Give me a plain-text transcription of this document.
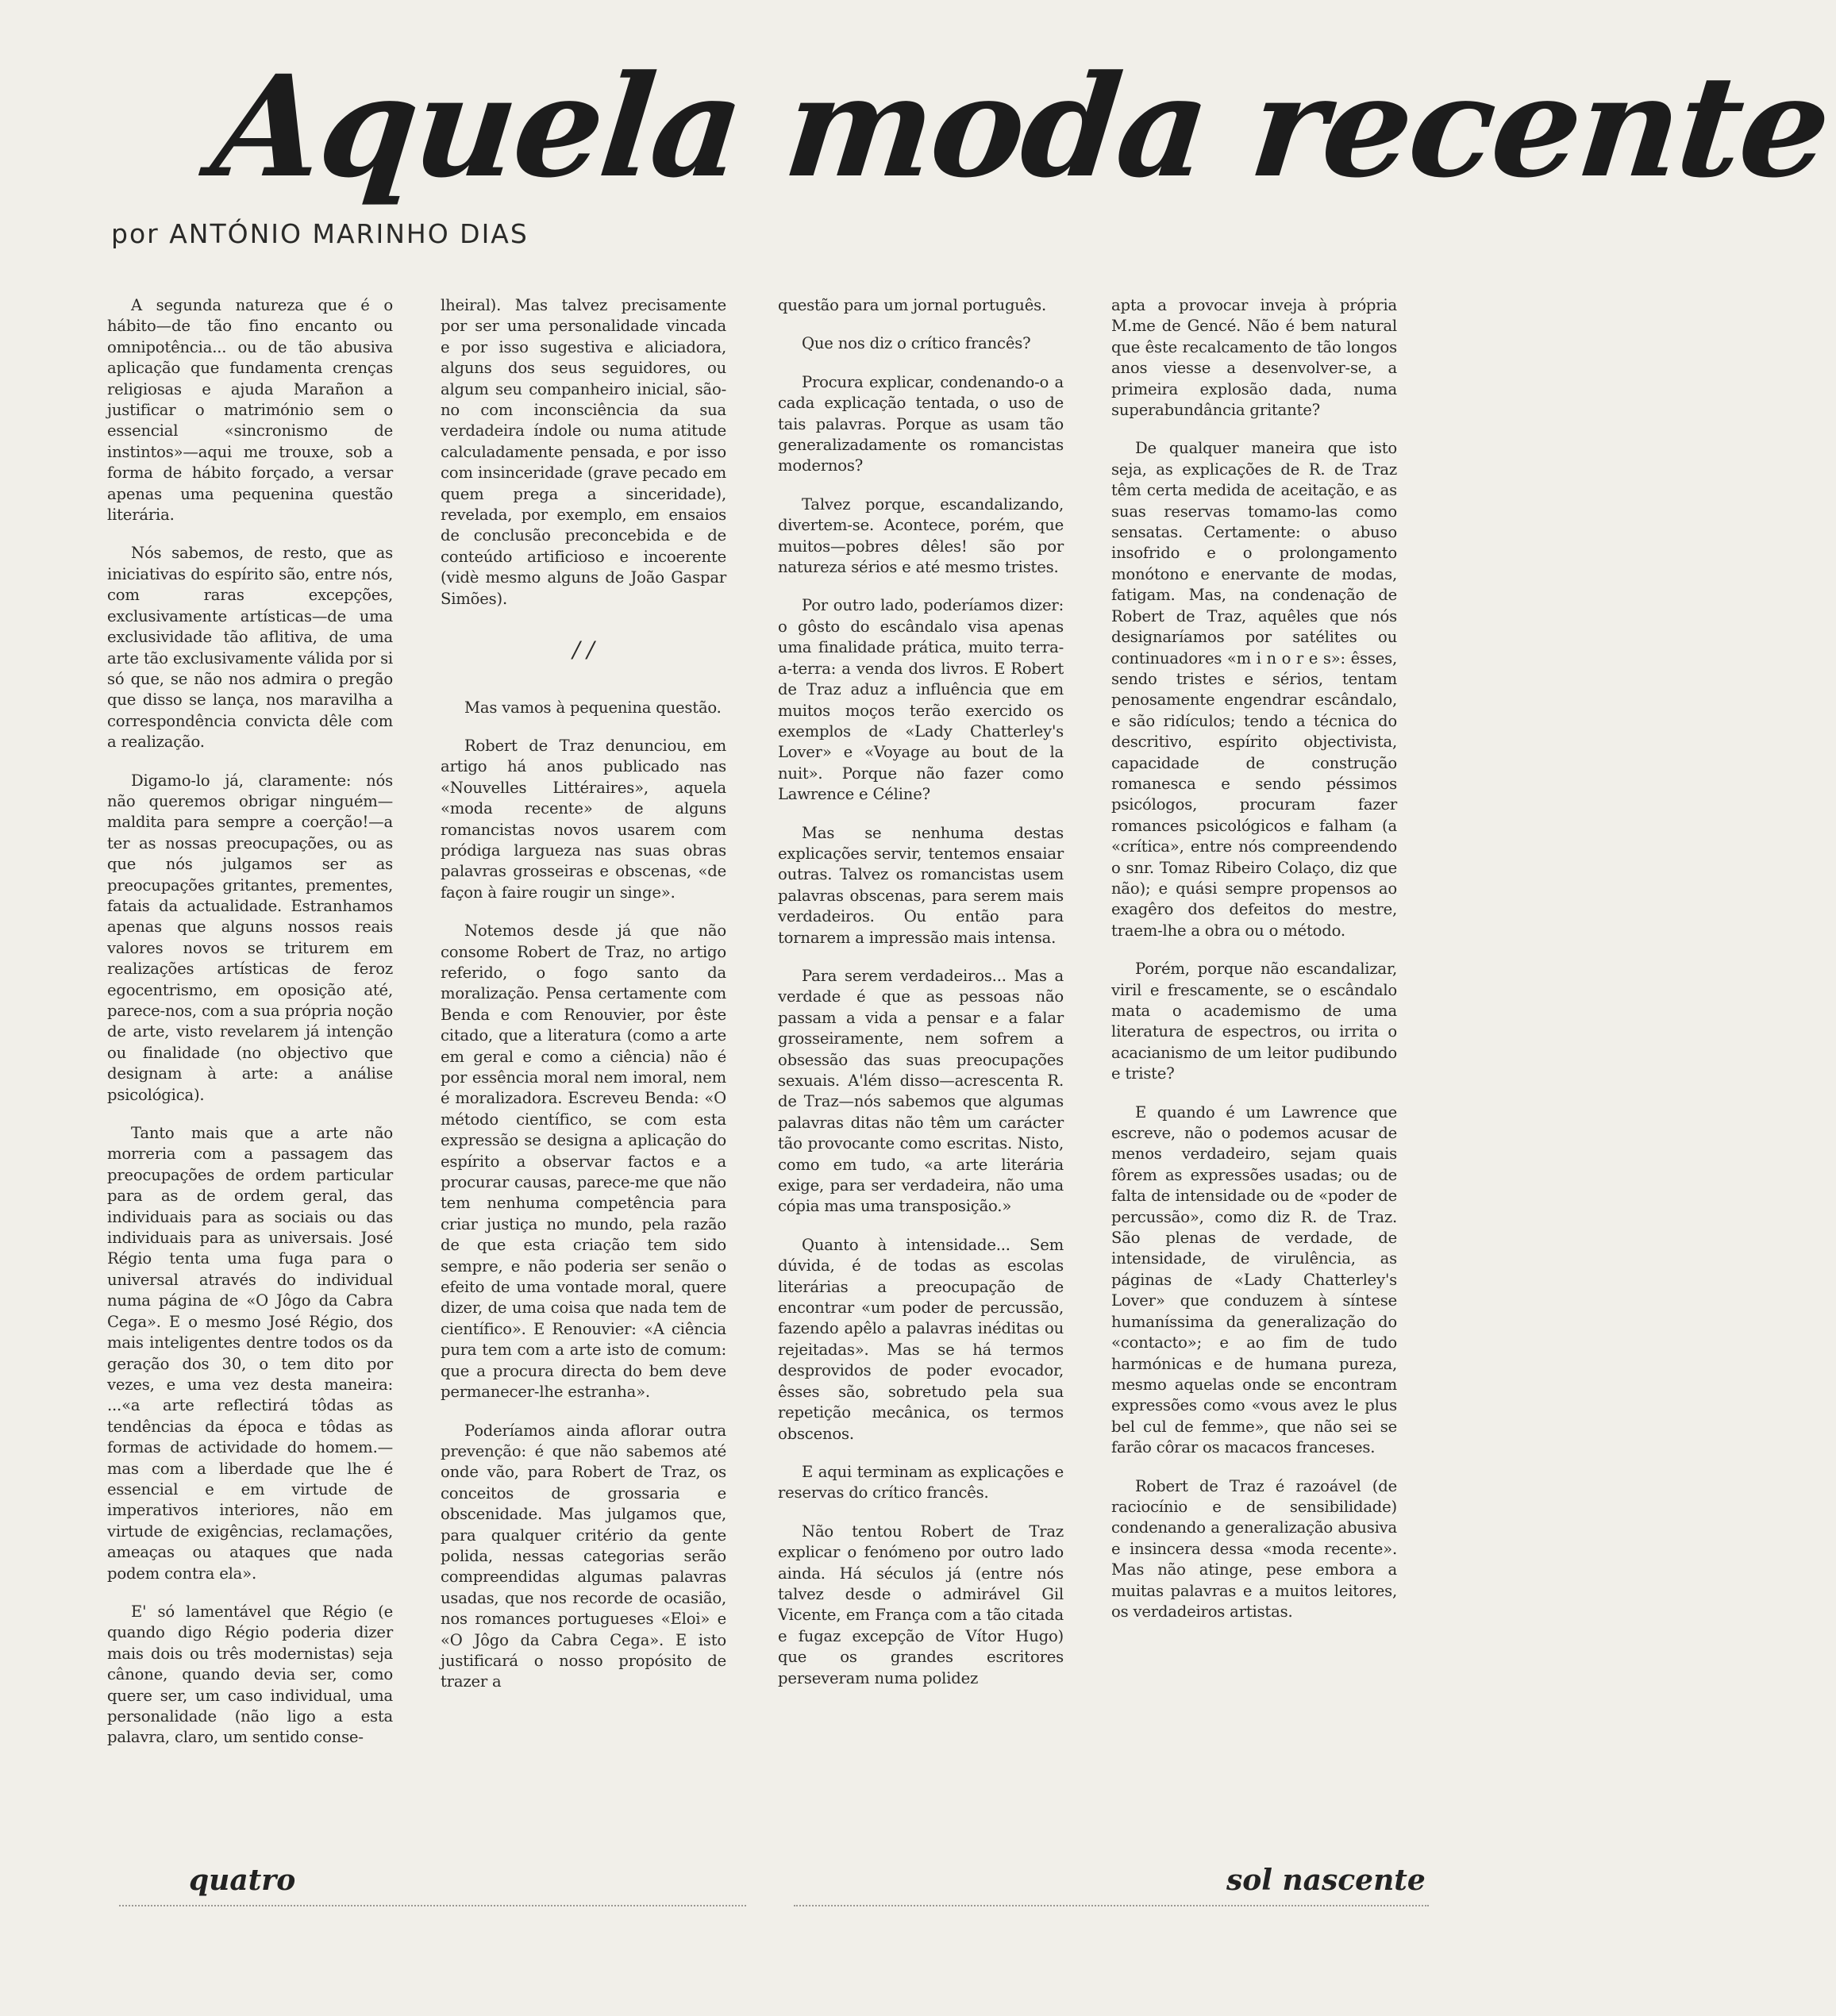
Aquela moda recente

por ANTÓNIO MARINHO DIAS

A segunda natureza que é o hábito—de tão fino encanto ou omnipotência... ou de tão abusiva aplicação que fundamenta crenças religiosas e ajuda Marañon a justificar o matrimónio sem o essencial «sincronismo de instintos»—aqui me trouxe, sob a forma de hábito forçado, a versar apenas uma pequenina questão literária.

Nós sabemos, de resto, que as iniciativas do espírito são, entre nós, com raras excepções, exclusivamente artísticas—de uma exclusividade tão aflitiva, de uma arte tão exclusivamente válida por si só que, se não nos admira o pregão que disso se lança, nos maravilha a correspondência convicta dêle com a realização.

Digamo-lo já, claramente: nós não queremos obrigar ninguém—maldita para sempre a coerção!—a ter as nossas preocupações, ou as que nós julgamos ser as preocupações gritantes, prementes, fatais da actualidade. Estranhamos apenas que alguns nossos reais valores novos se triturem em realizações artísticas de feroz egocentrismo, em oposição até, parece-nos, com a sua própria noção de arte, visto revelarem já intenção ou finalidade (no objectivo que designam à arte: a análise psicológica).

Tanto mais que a arte não morreria com a passagem das preocupações de ordem particular para as de ordem geral, das individuais para as sociais ou das individuais para as universais. José Régio tenta uma fuga para o universal através do individual numa página de «O Jôgo da Cabra Cega». E o mesmo José Régio, dos mais inteligentes dentre todos os da geração dos 30, o tem dito por vezes, e uma vez desta maneira: ...«a arte reflectirá tôdas as tendências da época e tôdas as formas de actividade do homem.—mas com a liberdade que lhe é essencial e em virtude de imperativos interiores, não em virtude de exigências, reclamações, ameaças ou ataques que nada podem contra ela».

E' só lamentável que Régio (e quando digo Régio poderia dizer mais dois ou três modernistas) seja cânone, quando devia ser, como quere ser, um caso individual, uma personalidade (não ligo a esta palavra, claro, um sentido conse-

lheiral). Mas talvez precisamente por ser uma personalidade vincada e por isso sugestiva e aliciadora, alguns dos seus seguidores, ou algum seu companheiro inicial, são-no com inconsciência da sua verdadeira índole ou numa atitude calculadamente pensada, e por isso com insinceridade (grave pecado em quem prega a sinceridade), revelada, por exemplo, em ensaios de conclusão preconcebida e de conteúdo artificioso e incoerente (vidè mesmo alguns de João Gaspar Simões).

/ /

Mas vamos à pequenina questão.

Robert de Traz denunciou, em artigo há anos publicado nas «Nouvelles Littéraires», aquela «moda recente» de alguns romancistas novos usarem com pródiga largueza nas suas obras palavras grosseiras e obscenas, «de façon à faire rougir un singe».

Notemos desde já que não consome Robert de Traz, no artigo referido, o fogo santo da moralização. Pensa certamente com Benda e com Renouvier, por êste citado, que a literatura (como a arte em geral e como a ciência) não é por essência moral nem imoral, nem é moralizadora. Escreveu Benda: «O método científico, se com esta expressão se designa a aplicação do espírito a observar factos e a procurar causas, parece-me que não tem nenhuma competência para criar justiça no mundo, pela razão de que esta criação tem sido sempre, e não poderia ser senão o efeito de uma vontade moral, quere dizer, de uma coisa que nada tem de científico». E Renouvier: «A ciência pura tem com a arte isto de comum: que a procura directa do bem deve permanecer-lhe estranha».

Poderíamos ainda aflorar outra prevenção: é que não sabemos até onde vão, para Robert de Traz, os conceitos de grossaria e obscenidade. Mas julgamos que, para qualquer critério da gente polida, nessas categorias serão compreendidas algumas palavras usadas, que nos recorde de ocasião, nos romances portugueses «Eloi» e «O Jôgo da Cabra Cega». E isto justificará o nosso propósito de trazer a

questão para um jornal português.

Que nos diz o crítico francês?

Procura explicar, condenando-o a cada explicação tentada, o uso de tais palavras. Porque as usam tão generalizadamente os romancistas modernos?

Talvez porque, escandalizando, divertem-se. Acontece, porém, que muitos—pobres dêles! são por natureza sérios e até mesmo tristes.

Por outro lado, poderíamos dizer: o gôsto do escândalo visa apenas uma finalidade prática, muito terra-a-terra: a venda dos livros. E Robert de Traz aduz a influência que em muitos moços terão exercido os exemplos de «Lady Chatterley's Lover» e «Voyage au bout de la nuit». Porque não fazer como Lawrence e Céline?

Mas se nenhuma destas explicações servir, tentemos ensaiar outras. Talvez os romancistas usem palavras obscenas, para serem mais verdadeiros. Ou então para tornarem a impressão mais intensa.

Para serem verdadeiros... Mas a verdade é que as pessoas não passam a vida a pensar e a falar grosseiramente, nem sofrem a obsessão das suas preocupações sexuais. A'lém disso—acrescenta R. de Traz—nós sabemos que algumas palavras ditas não têm um carácter tão provocante como escritas. Nisto, como em tudo, «a arte literária exige, para ser verdadeira, não uma cópia mas uma transposição.»

Quanto à intensidade... Sem dúvida, é de todas as escolas literárias a preocupação de encontrar «um poder de percussão, fazendo apêlo a palavras inéditas ou rejeitadas». Mas se há termos desprovidos de poder evocador, êsses são, sobretudo pela sua repetição mecânica, os termos obscenos.

E aqui terminam as explicações e reservas do crítico francês.

Não tentou Robert de Traz explicar o fenómeno por outro lado ainda. Há séculos já (entre nós talvez desde o admirável Gil Vicente, em França com a tão citada e fugaz excepção de Vítor Hugo) que os grandes escritores perseveram numa polidez

apta a provocar inveja à própria M.me de Gencé. Não é bem natural que êste recalcamento de tão longos anos viesse a desenvolver-se, a primeira explosão dada, numa superabundância gritante?

De qualquer maneira que isto seja, as explicações de R. de Traz têm certa medida de aceitação, e as suas reservas tomamo-las como sensatas. Certamente: o abuso insofrido e o prolongamento monótono e enervante de modas, fatigam. Mas, na condenação de Robert de Traz, aquêles que nós designaríamos por satélites ou continuadores «m i n o r e s»: êsses, sendo tristes e sérios, tentam penosamente engendrar escândalo, e são ridículos; tendo a técnica do descritivo, espírito objectivista, capacidade de construção romanesca e sendo péssimos psicólogos, procuram fazer romances psicológicos e falham (a «crítica», entre nós compreendendo o snr. Tomaz Ribeiro Colaço, diz que não); e quási sempre propensos ao exagêro dos defeitos do mestre, traem-lhe a obra ou o método.

Porém, porque não escandalizar, viril e frescamente, se o escândalo mata o academismo de uma literatura de espectros, ou irrita o acacianismo de um leitor pudibundo e triste?

E quando é um Lawrence que escreve, não o podemos acusar de menos verdadeiro, sejam quais fôrem as expressões usadas; ou de falta de intensidade ou de «poder de percussão», como diz R. de Traz. São plenas de verdade, de intensidade, de virulência, as páginas de «Lady Chatterley's Lover» que conduzem à síntese humaníssima da generalização do «contacto»; e ao fim de tudo harmónicas e de humana pureza, mesmo aquelas onde se encontram expressões como «vous avez le plus bel cul de femme», que não sei se farão côrar os macacos franceses.

Robert de Traz é razoável (de raciocínio e de sensibilidade) condenando a generalização abusiva e insincera dessa «moda recente». Mas não atinge, pese embora a muitas palavras e a muitos leitores, os verdadeiros artistas.

quatro	sol nascente
